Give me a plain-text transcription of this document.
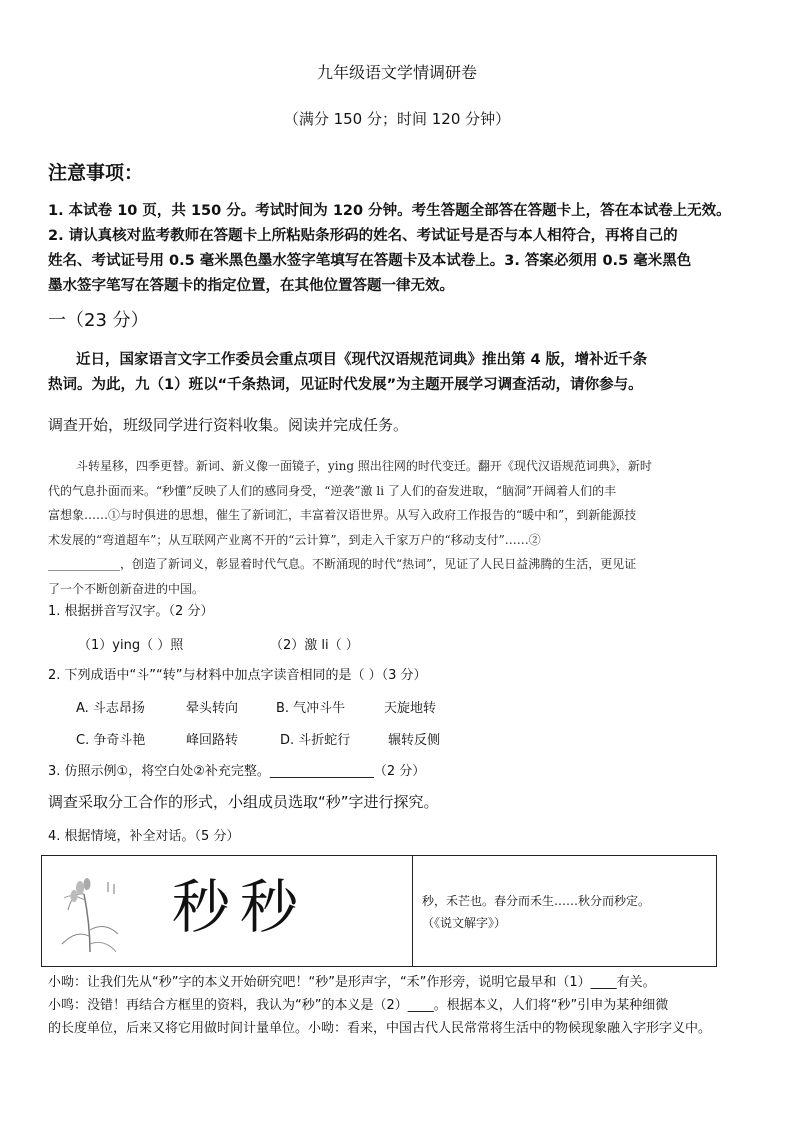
九年级语文学情调研卷
（满分 150 分；时间 120 分钟）
注意事项：
1. 本试卷 10 页，共 150 分。考试时间为 120 分钟。考生答题全部答在答题卡上，答在本试卷上无效。
2. 请认真核对监考教师在答题卡上所粘贴条形码的姓名、考试证号是否与本人相符合，再将自己的
姓名、考试证号用 0.5 毫米黑色墨水签字笔填写在答题卡及本试卷上。3. 答案必须用 0.5 毫米黑色
墨水签字笔写在答题卡的指定位置，在其他位置答题一律无效。
一（23 分）
近日，国家语言文字工作委员会重点项目《现代汉语规范词典》推出第 4 版，增补近千条
热词。为此，九（1）班以“千条热词，见证时代发展”为主题开展学习调查活动，请你参与。
调查开始，班级同学进行资料收集。阅读并完成任务。
斗转星移，四季更替。新词、新义像一面镜子，ying 照出往网的时代变迁。翻开《现代汉语规范词典》，新时
代的气息扑面而来。“秒懂”反映了人们的感同身受，“逆袭”激 li 了人们的奋发进取，“脑洞”开阔着人们的丰
富想象……①与时俱进的思想，催生了新词汇，丰富着汉语世界。从写入政府工作报告的“暖中和”，到新能源技
术发展的“弯道超车”；从互联网产业离不开的“云计算”，到走入千家万户的“移动支付”……②
____________，创造了新词义，彰显着时代气息。不断涌现的时代“热词”，见证了人民日益沸腾的生活，更见证
了一个不断创新奋进的中国。
1. 根据拼音写汉字。（2 分）
（1）ying（ ）照	（2）激 li（ ）
2. 下列成语中“斗”“转”与材料中加点字读音相同的是（ ）（3 分）
A. 斗志昂扬	晕头转向	B. 气冲斗牛	天旋地转
C. 争奇斗艳	峰回路转	D. 斗折蛇行	辗转反侧
3. 仿照示例①，将空白处②补充完整。________________（2 分）
调查采取分工合作的形式，小组成员选取“秒”字进行探究。
4. 根据情境，补全对话。（5 分）
秒秒	秒，禾芒也。春分而禾生……秋分而秒定。
（《说文解字》）
小呦：让我们先从“秒”字的本义开始研究吧！“秒”是形声字，“禾”作形旁，说明它最早和（1）____有关。
小鸣：没错！再结合方框里的资料，我认为“秒”的本义是（2）____。根据本义，人们将“秒”引申为某种细微
的长度单位，后来又将它用做时间计量单位。小呦：看来，中国古代人民常常将生活中的物候现象融入字形字义中。
